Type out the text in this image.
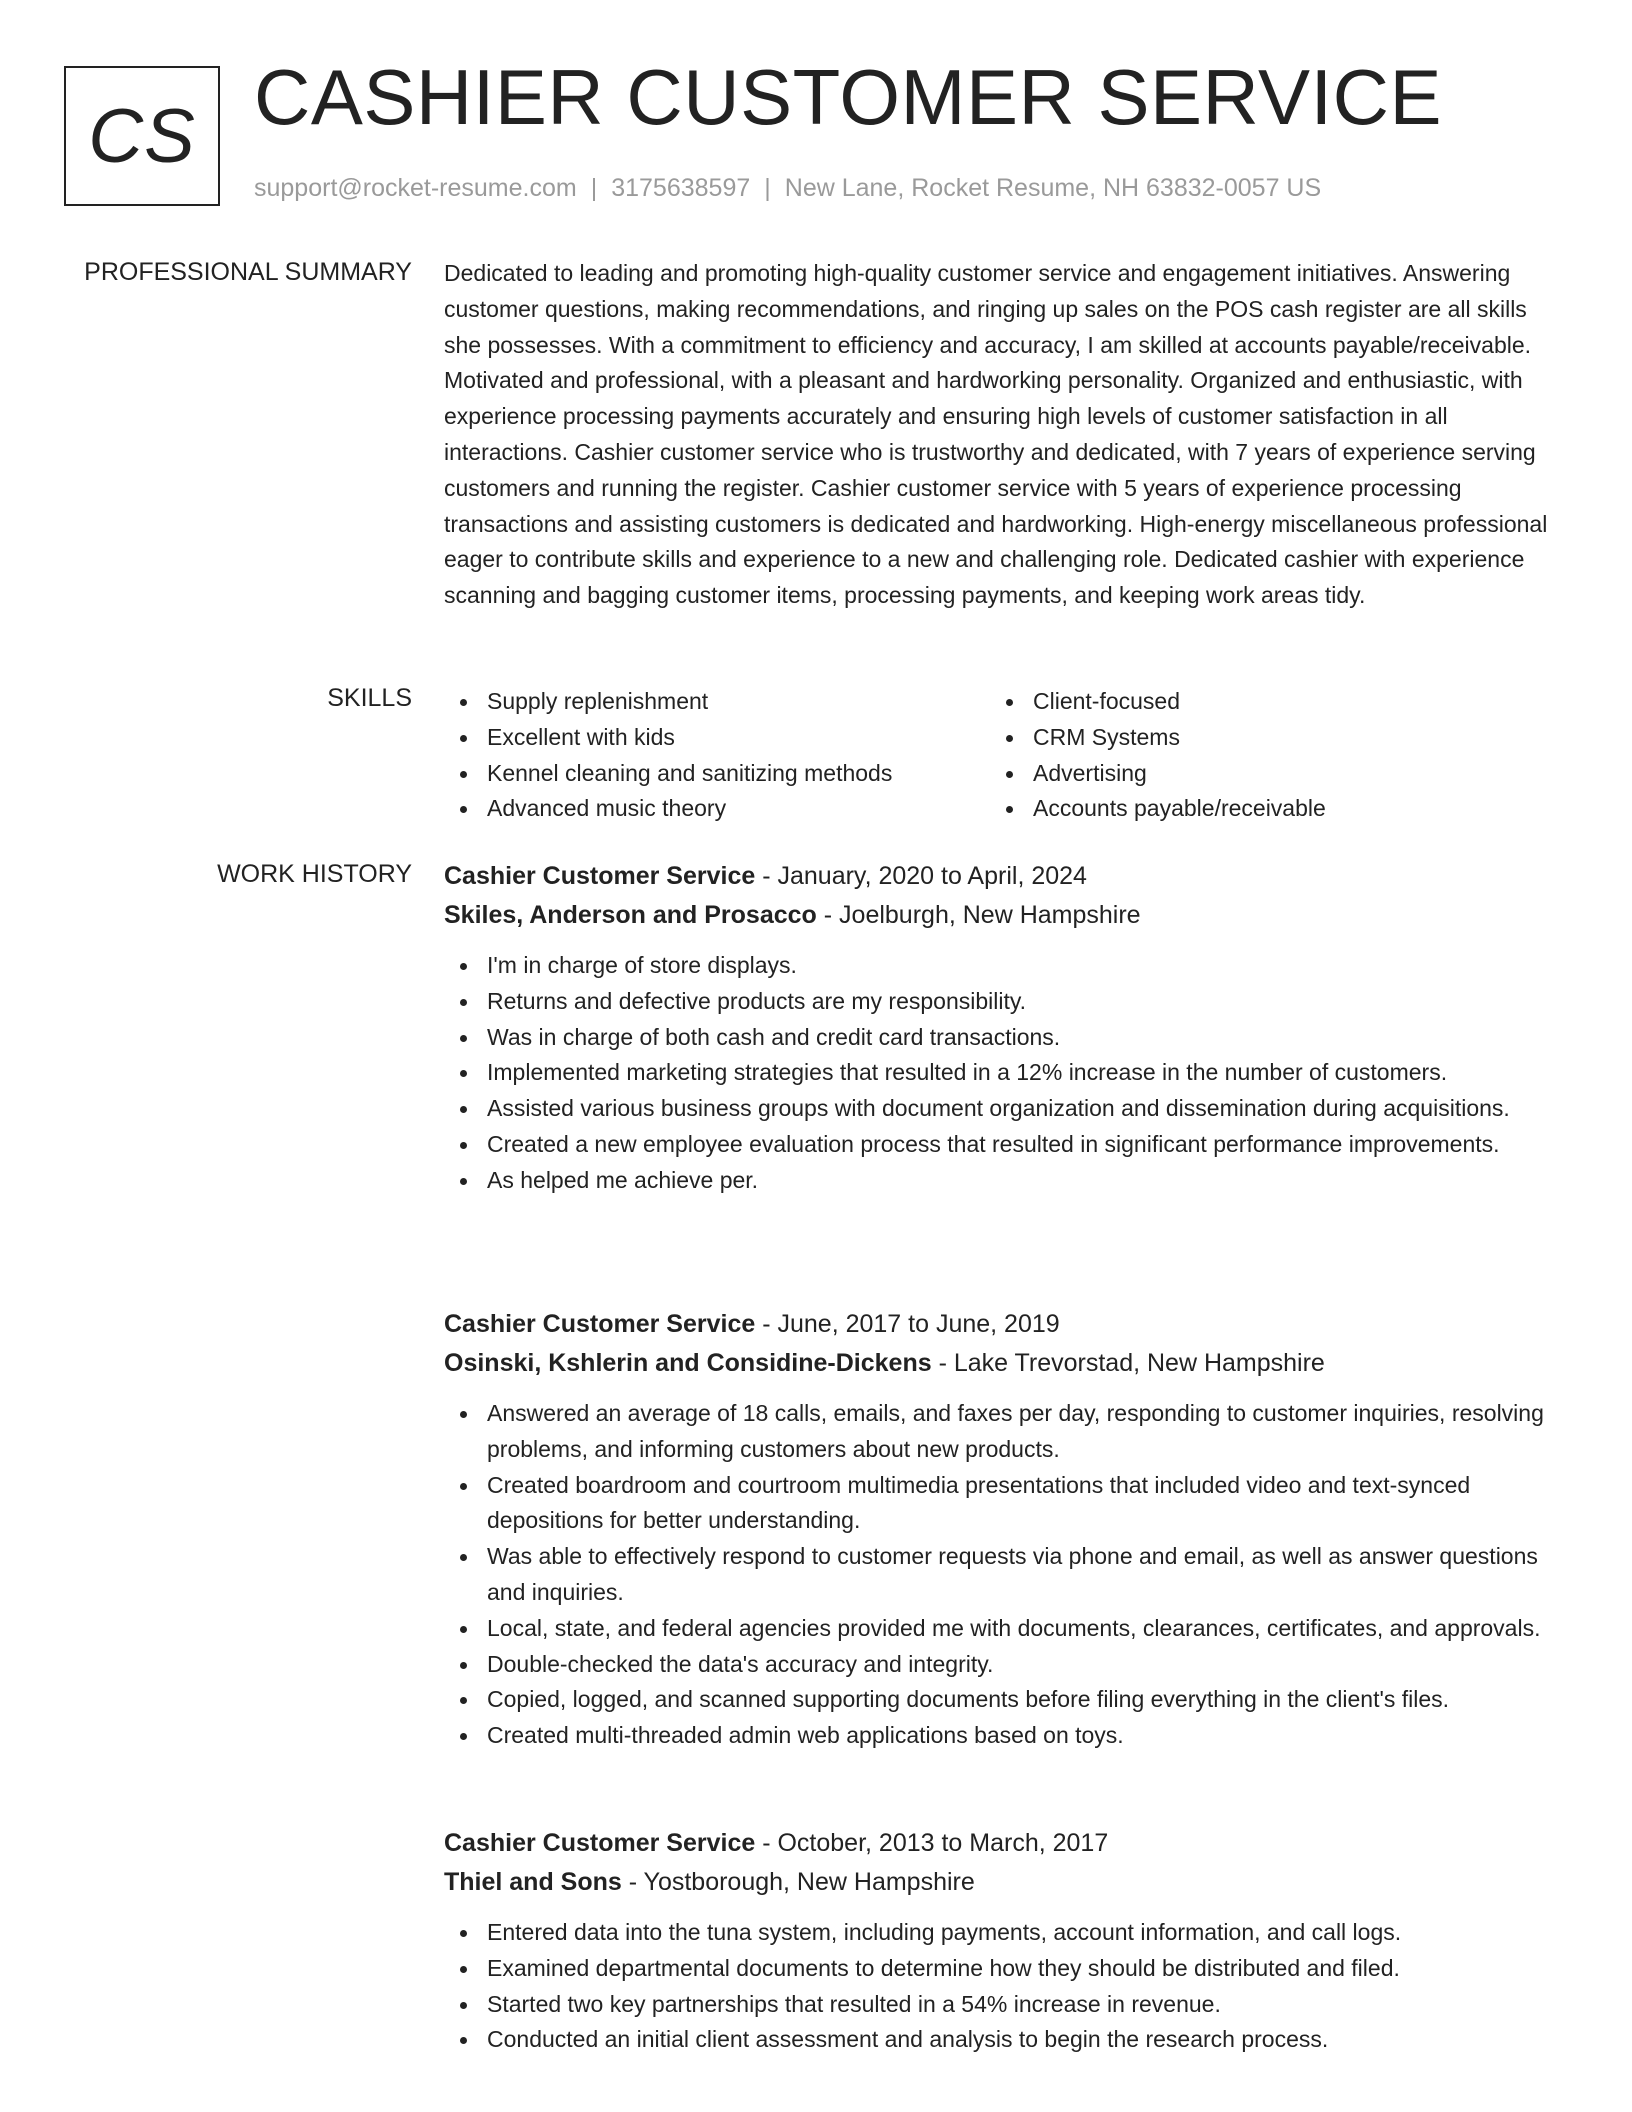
CS CASHIER CUSTOMER SERVICE
support@rocket-resume.com | 3175638597 | New Lane, Rocket Resume, NH 63832-0057 US
PROFESSIONAL SUMMARY Dedicated to leading and promoting high-quality customer service and engagement initiatives. Answering customer questions, making recommendations, and ringing up sales on the POS cash register are all skills she possesses. With a commitment to efficiency and accuracy, I am skilled at accounts payable/receivable. Motivated and professional, with a pleasant and hardworking personality. Organized and enthusiastic, with experience processing payments accurately and ensuring high levels of customer satisfaction in all interactions. Cashier customer service who is trustworthy and dedicated, with 7 years of experience serving customers and running the register. Cashier customer service with 5 years of experience processing transactions and assisting customers is dedicated and hardworking. High-energy miscellaneous professional eager to contribute skills and experience to a new and challenging role. Dedicated cashier with experience scanning and bagging customer items, processing payments, and keeping work areas tidy.

SKILLS	Supply replenishment	Client-focused
Excellent with kids	CRM Systems
Kennel cleaning and sanitizing methods	Advertising
Advanced music theory	Accounts payable/receivable
WORK HISTORY Cashier Customer Service - January, 2020 to April, 2024
Skiles, Anderson and Prosacco - Joelburgh, New Hampshire
I'm in charge of store displays.
Returns and defective products are my responsibility.
Was in charge of both cash and credit card transactions.
Implemented marketing strategies that resulted in a 12% increase in the number of customers.
Assisted various business groups with document organization and dissemination during acquisitions.
Created a new employee evaluation process that resulted in significant performance improvements.
As helped me achieve per.
Cashier Customer Service - June, 2017 to June, 2019
Osinski, Kshlerin and Considine-Dickens - Lake Trevorstad, New Hampshire
Answered an average of 18 calls, emails, and faxes per day, responding to customer inquiries, resolving problems, and informing customers about new products.
Created boardroom and courtroom multimedia presentations that included video and text-synced depositions for better understanding.
Was able to effectively respond to customer requests via phone and email, as well as answer questions and inquiries.
Local, state, and federal agencies provided me with documents, clearances, certificates, and approvals.
Double-checked the data's accuracy and integrity.
Copied, logged, and scanned supporting documents before filing everything in the client's files.
Created multi-threaded admin web applications based on toys.
Cashier Customer Service - October, 2013 to March, 2017
Thiel and Sons - Yostborough, New Hampshire
Entered data into the tuna system, including payments, account information, and call logs.
Examined departmental documents to determine how they should be distributed and filed.
Started two key partnerships that resulted in a 54% increase in revenue.
Conducted an initial client assessment and analysis to begin the research process.
